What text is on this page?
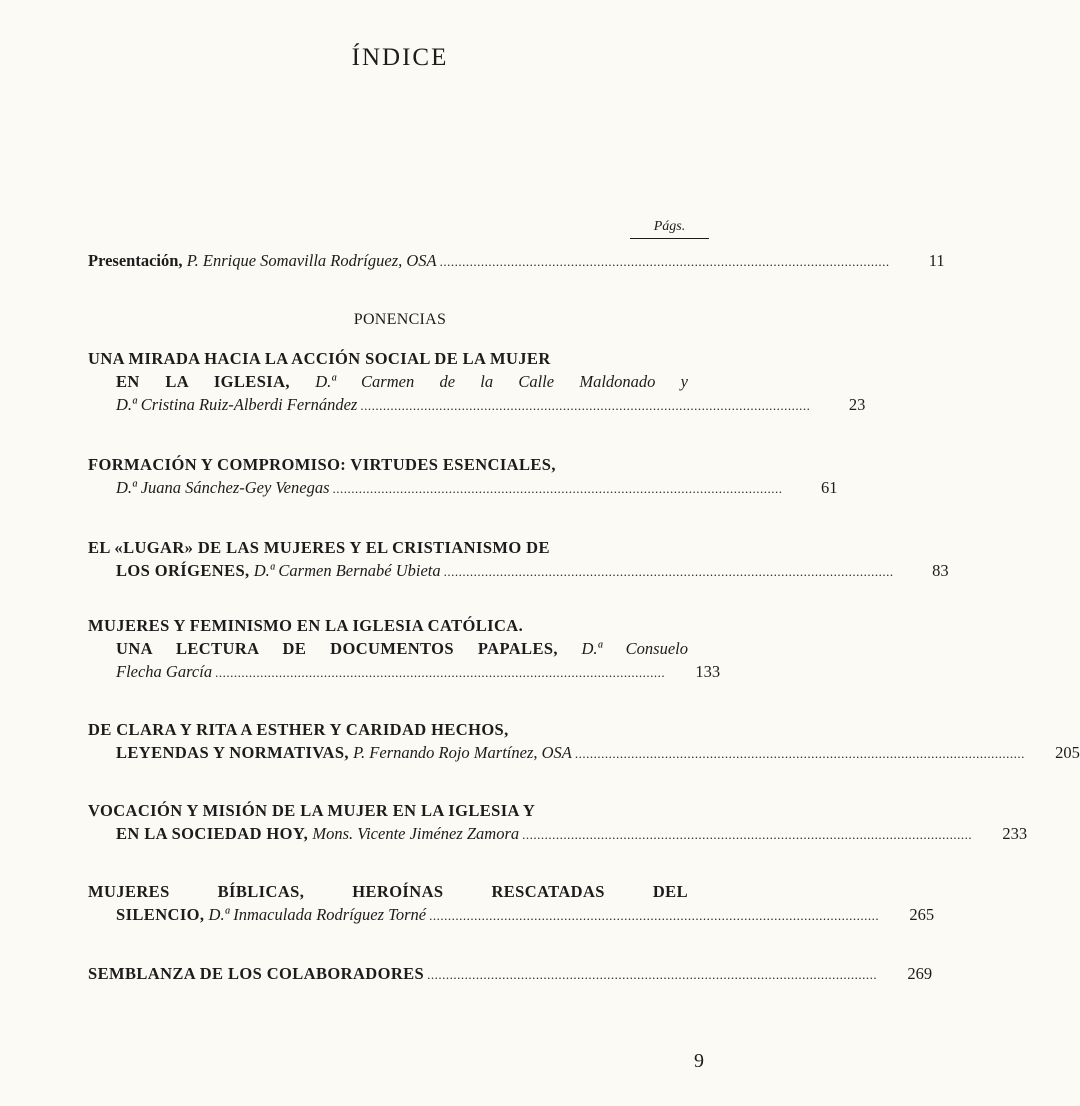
ÍNDICE
Págs.
Presentación, P. Enrique Somavilla Rodríguez, OSA ........................................................................................................................	11
PONENCIAS
UNA MIRADA HACIA LA ACCIÓN SOCIAL DE LA MUJER
EN LA IGLESIA, D.ª Carmen de la Calle Maldonado y
D.ª Cristina Ruiz-Alberdi Fernández ........................................................................................................................	23
FORMACIÓN Y COMPROMISO: VIRTUDES ESENCIALES,
D.ª Juana Sánchez-Gey Venegas ........................................................................................................................	61
EL «LUGAR» DE LAS MUJERES Y EL CRISTIANISMO DE
LOS ORÍGENES, D.ª Carmen Bernabé Ubieta ........................................................................................................................	83
MUJERES Y FEMINISMO EN LA IGLESIA CATÓLICA.
UNA LECTURA DE DOCUMENTOS PAPALES, D.ª Consuelo
Flecha García ........................................................................................................................	133
DE CLARA Y RITA A ESTHER Y CARIDAD HECHOS,
LEYENDAS Y NORMATIVAS, P. Fernando Rojo Martínez, OSA ........................................................................................................................	205
VOCACIÓN Y MISIÓN DE LA MUJER EN LA IGLESIA Y
EN LA SOCIEDAD HOY, Mons. Vicente Jiménez Zamora ........................................................................................................................	233
MUJERES BÍBLICAS, HEROÍNAS RESCATADAS DEL
SILENCIO, D.ª Inmaculada Rodríguez Torné ........................................................................................................................	265
SEMBLANZA DE LOS COLABORADORES ........................................................................................................................	269
9
